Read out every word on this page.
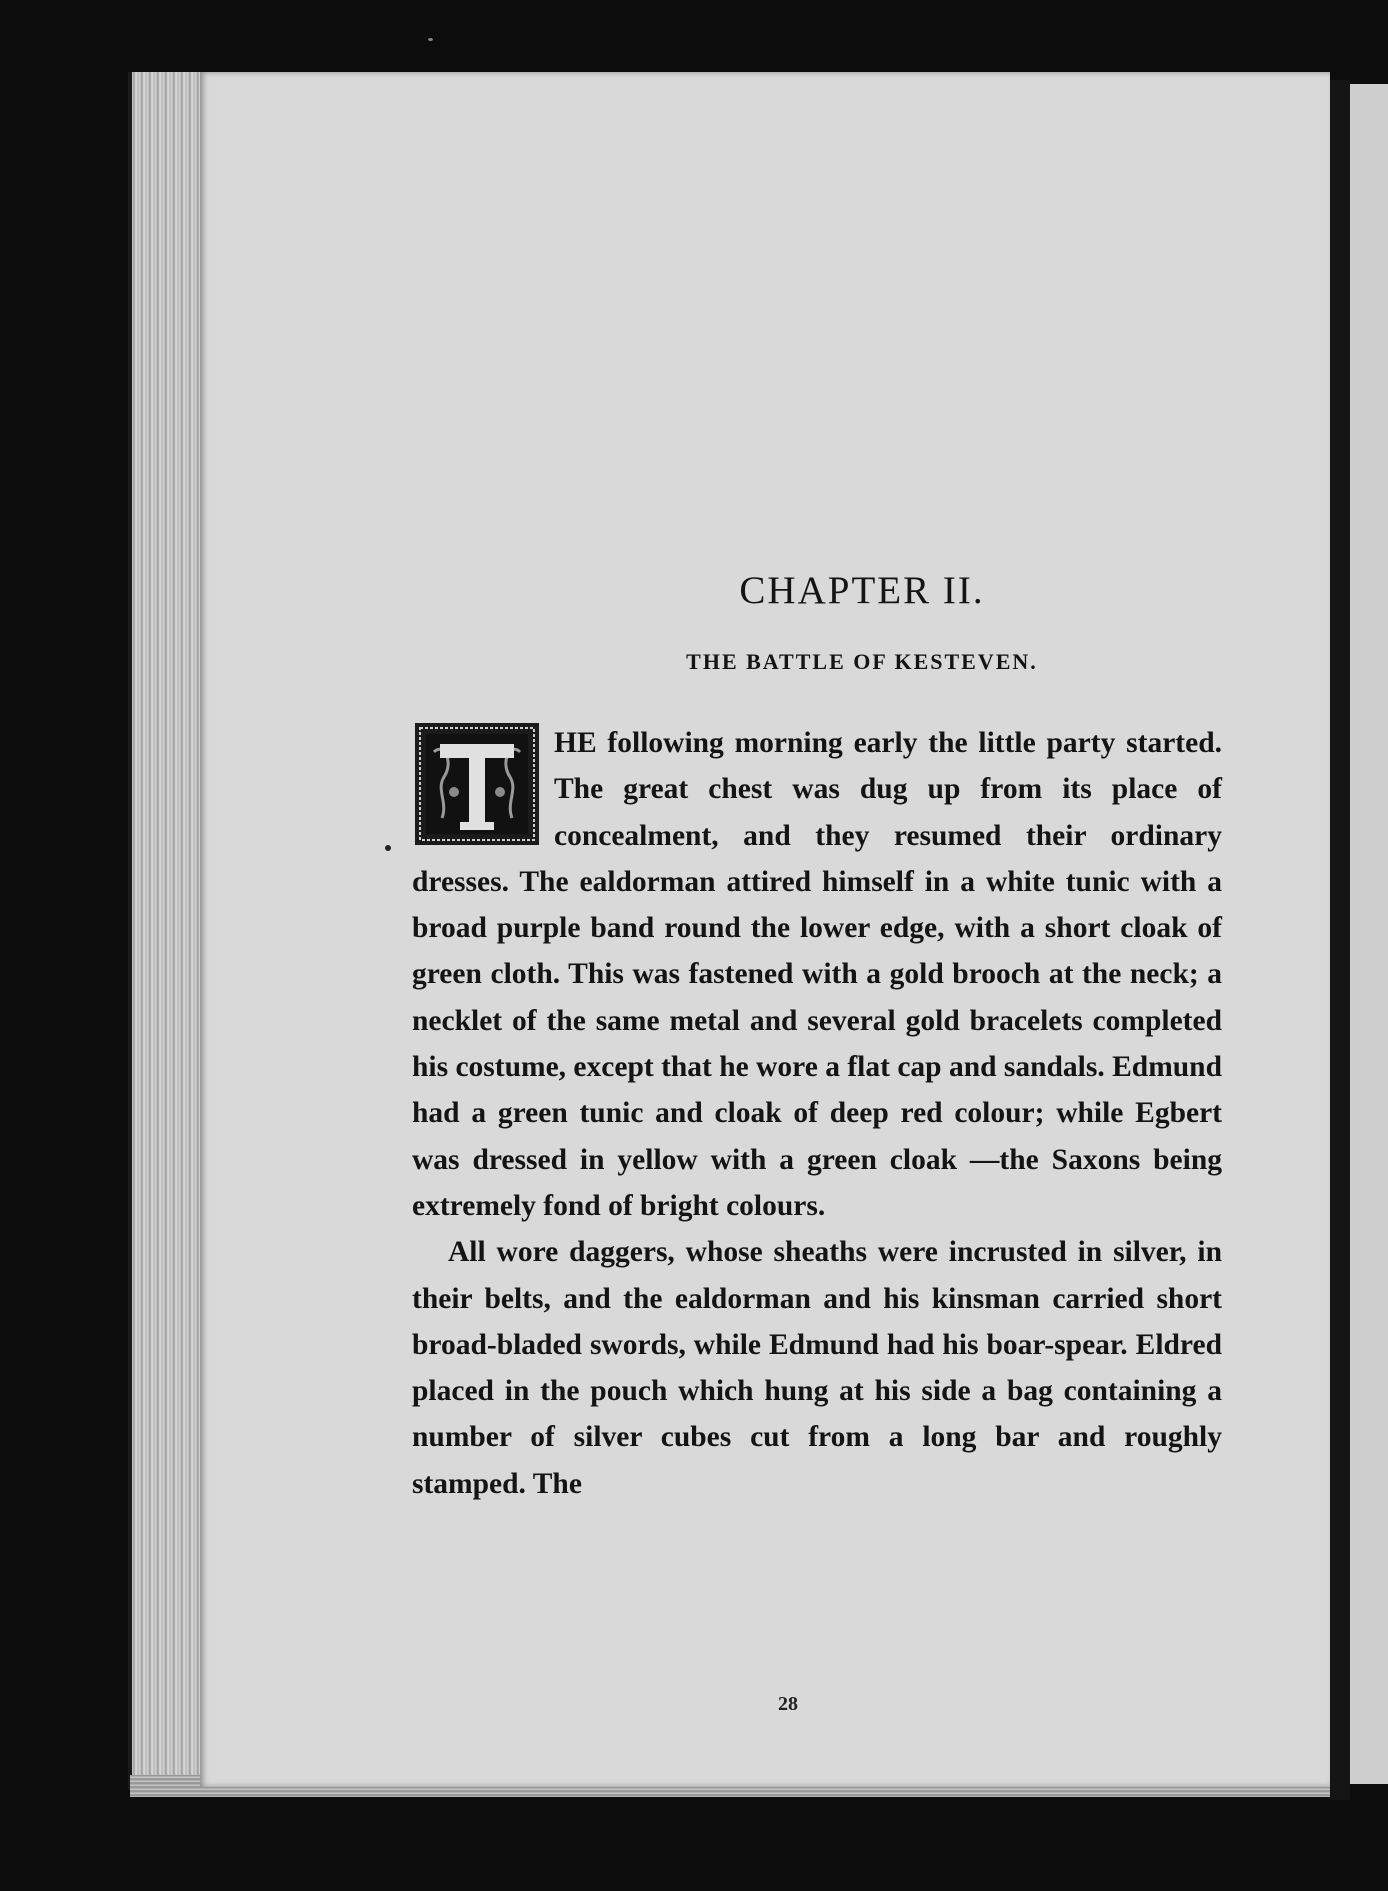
CHAPTER II.
THE BATTLE OF KESTEVEN.

HE following morning early the little party started. The great chest was dug up from its place of concealment, and they resumed their ordinary dresses. The ealdorman attired himself in a white tunic with a broad purple band round the lower edge, with a short cloak of green cloth. This was fastened with a gold brooch at the neck; a necklet of the same metal and several gold bracelets completed his costume, except that he wore a flat cap and sandals. Edmund had a green tunic and cloak of deep red colour; while Egbert was dressed in yellow with a green cloak —the Saxons being extremely fond of bright colours.

All wore daggers, whose sheaths were incrusted in silver, in their belts, and the ealdorman and his kinsman carried short broad-bladed swords, while Edmund had his boar-spear. Eldred placed in the pouch which hung at his side a bag containing a number of silver cubes cut from a long bar and roughly stamped. The

28
